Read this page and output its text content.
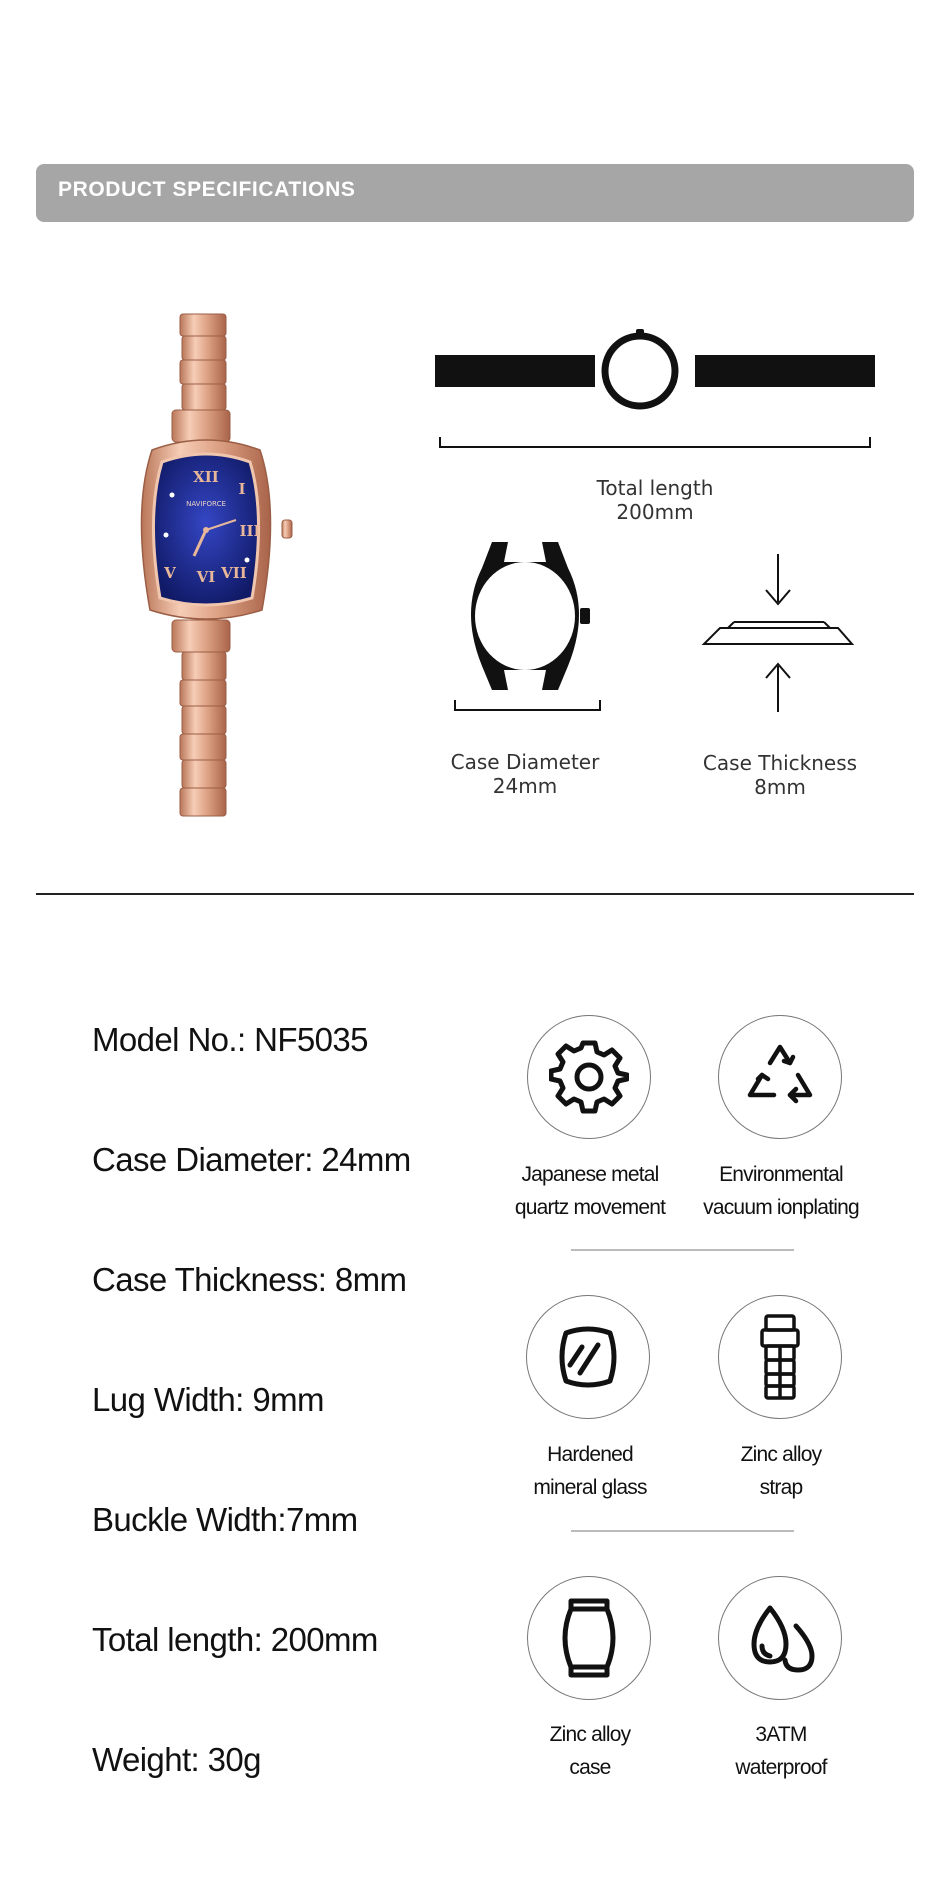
PRODUCT SPECIFICATIONS
XII
I
III
VI
V	VII
NAVIFORCE
Total length
200mm
Case Diameter
24mm
Case Thickness
8mm
Model No.: NF5035
Case Diameter: 24mm
Case Thickness: 8mm
Lug Width: 9mm
Buckle Width:7mm
Total length: 200mm
Weight: 30g
Japanese metal
quartz movement
Environmental
vacuum ionplating
Hardened
mineral glass
Zinc alloy
strap
Zinc alloy
case
3ATM
waterproof
